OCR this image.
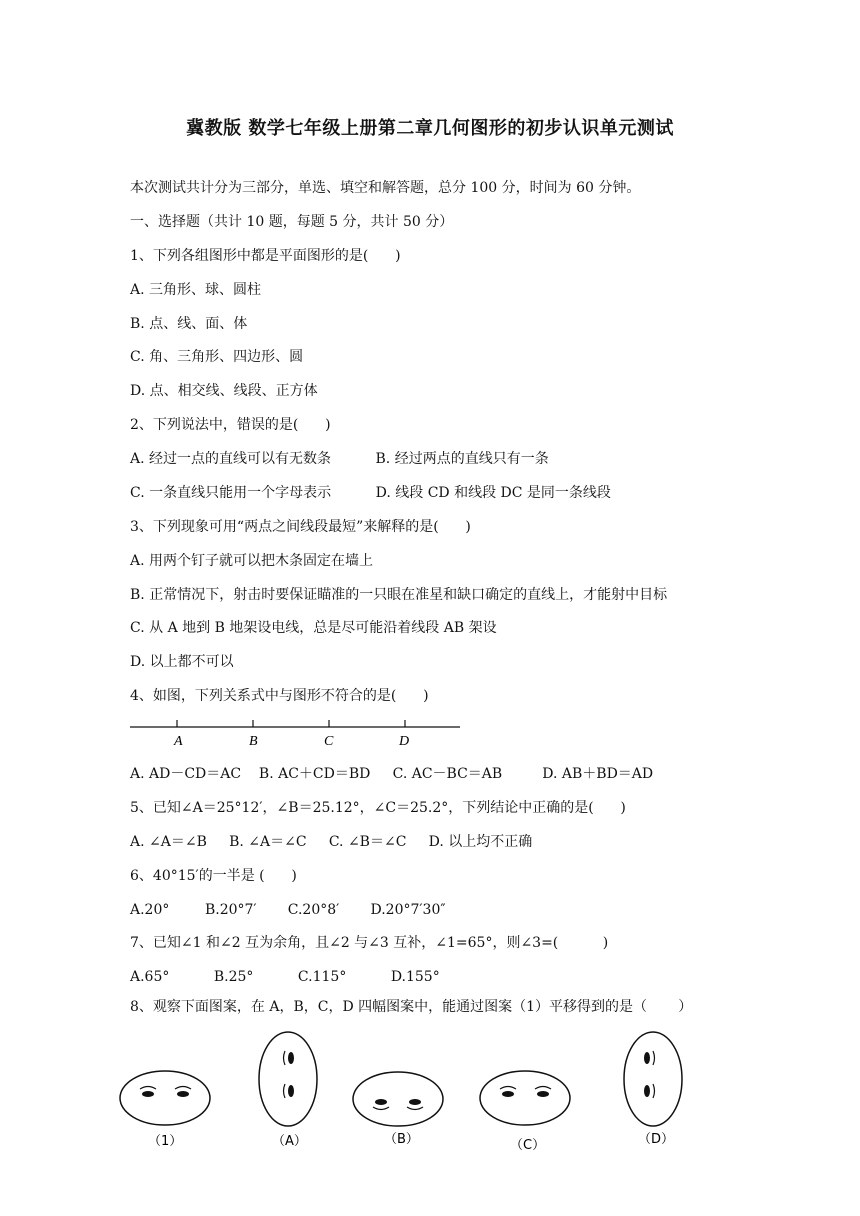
冀教版 数学七年级上册第二章几何图形的初步认识单元测试
本次测试共计分为三部分，单选、填空和解答题，总分 100 分，时间为 60 分钟。
一、选择题（共计 10 题，每题 5 分，共计 50 分）
1、下列各组图形中都是平面图形的是(      )
A. 三角形、球、圆柱
B. 点、线、面、体
C. 角、三角形、四边形、圆
D. 点、相交线、线段、正方体
2、下列说法中，错误的是(      )
A. 经过一点的直线可以有无数条          B. 经过两点的直线只有一条
C. 一条直线只能用一个字母表示          D. 线段 CD 和线段 DC 是同一条线段
3、下列现象可用“两点之间线段最短”来解释的是(      )
A. 用两个钉子就可以把木条固定在墙上
B. 正常情况下，射击时要保证瞄准的一只眼在准星和缺口确定的直线上，才能射中目标
C. 从 A 地到 B 地架设电线，总是尽可能沿着线段 AB 架设
D. 以上都不可以
4、如图，下列关系式中与图形不符合的是(      )
A	B	C	D
A. AD－CD＝AC    B. AC＋CD＝BD     C. AC－BC＝AB         D. AB＋BD＝AD
5、已知∠A＝25°12′，∠B＝25.12°，∠C＝25.2°，下列结论中正确的是(      )
A. ∠A＝∠B     B. ∠A＝∠C     C. ∠B＝∠C     D. 以上均不正确
6、40°15′的一半是 (      )
A.20°        B.20°7′       C.20°8′       D.20°7′30″
7、已知∠1 和∠2 互为余角，且∠2 与∠3 互补，∠1=65°，则∠3=(          )
A.65°          B.25°          C.115°          D.155°
8、观察下面图案，在 A，B，C，D 四幅图案中，能通过图案（1）平移得到的是（       ）
（1）	（A）	（B）	（C）	（D）
